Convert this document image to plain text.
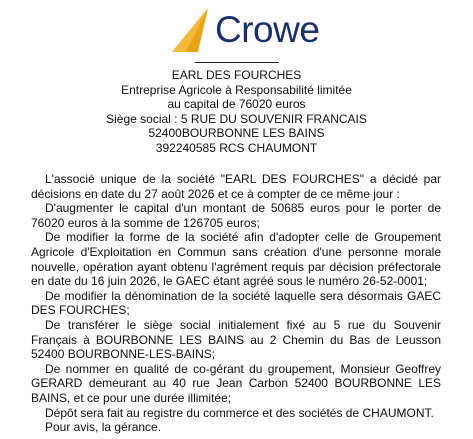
Crowe
EARL DES FOURCHES
Entreprise Agricole à Responsabilité limitée
au capital de 76020 euros
Siège social : 5 RUE DU SOUVENIR FRANCAIS
52400BOURBONNE LES BAINS
392240585 RCS CHAUMONT

L'associé unique de la société "EARL DES FOURCHES" a décidé par décisions en date du 27 août 2026 et ce à compter de ce même jour :

D'augmenter le capital d'un montant de 50685 euros pour le porter de 76020 euros à la somme de 126705 euros;

De modifier la forme de la société afin d'adopter celle de Groupement Agricole d'Exploitation en Commun sans création d'une personne morale nouvelle, opération ayant obtenu l'agrément requis par décision préfectorale en date du 16 juin 2026, le GAEC étant agréé sous le numéro 26-52-0001;

De modifier la dénomination de la société laquelle sera désormais GAEC DES FOURCHES;

De transférer le siège social initialement fixé au 5 rue du Souvenir Français à BOURBONNE LES BAINS au 2 Chemin du Bas de Leusson 52400 BOURBONNE-LES-BAINS;

De nommer en qualité de co-gérant du groupement, Monsieur Geoffrey GERARD demeurant au 40 rue Jean Carbon 52400 BOURBONNE LES BAINS, et ce pour une durée illimitée;

Dépôt sera fait au registre du commerce et des sociétés de CHAUMONT.

Pour avis, la gérance.
